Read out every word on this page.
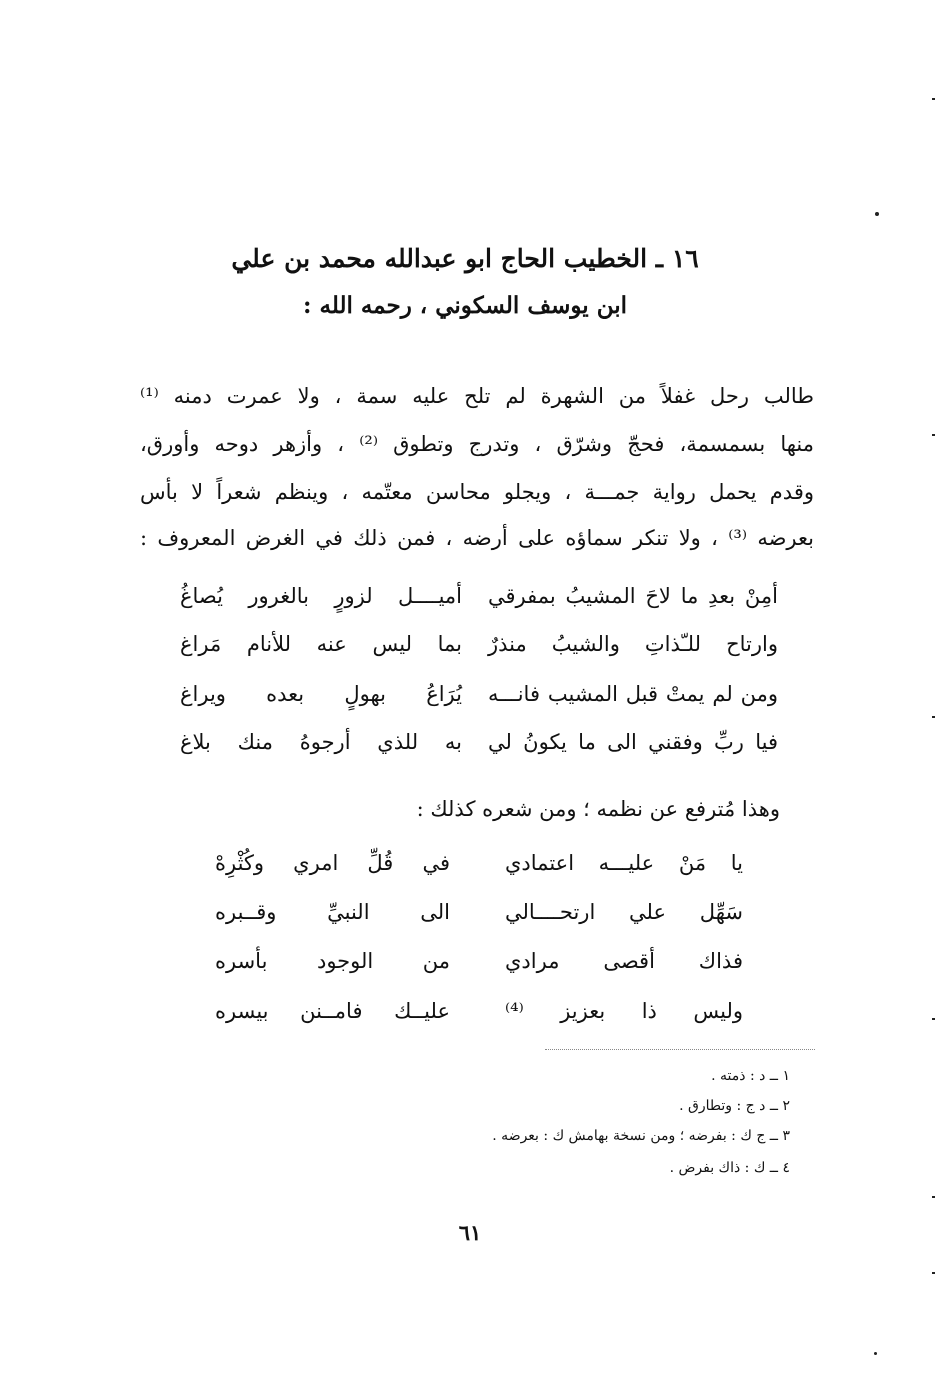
١٦ ـ الخطيب الحاج ابو عبدالله محمد بن علي
ابن يوسف السكوني ، رحمه الله :
طالب رحل غفلاً من الشهرة لم تلح عليه سمة ، ولا عمرت دمنه ⁽¹⁾
منها بسمسمة، فحجّ وشرّق ، وتدرج وتطوق ⁽²⁾ ، وأزهر دوحه وأورق،
وقدم يحمل رواية جمـــة ، ويجلو محاسن معتّمه ، وينظم شعراً لا بأس
بعرضه ⁽³⁾ ، ولا تنكر سماؤه على أرضه ، فمن ذلك في الغرض المعروف :
أمِنْ بعدِ ما لاحَ المشيبُ بمفرقي
أميــــل لزورٍ بالغرور يُصاغُ
وارتاح للـّذاتِ والشيبُ منذرٌ
بما ليس عنه للأنام مَراغ
ومن لم يمتْ قبل المشيب فانـــه
يُرَاعُ بهولٍ بعده ويراغ
فيا ربِّ وفقني الى ما يكونُ لي
به للذي أرجوهُ منك بلاغ
وهذا مُترفع عن نظمه ؛ ومن شعره كذلك :
يا مَنْ عليـــه اعتمادي
في قُلِّ امري وكُثْرِهْ
سَهِّل علي ارتحــــالي
الى النبيِّ وقــبره
فذاك أقصى مرادي
من الوجود بأسره
وليس ذا بعزيز ⁽⁴⁾
عليــك فامــنن بيسره
١ ــ د : ذمته .
٢ ــ د ج : وتطارق .
٣ ــ ج ك : بفرضه ؛ ومن نسخة بهامش ك : بعرضه .
٤ ــ ك : ذاك بفرض .
٦١
